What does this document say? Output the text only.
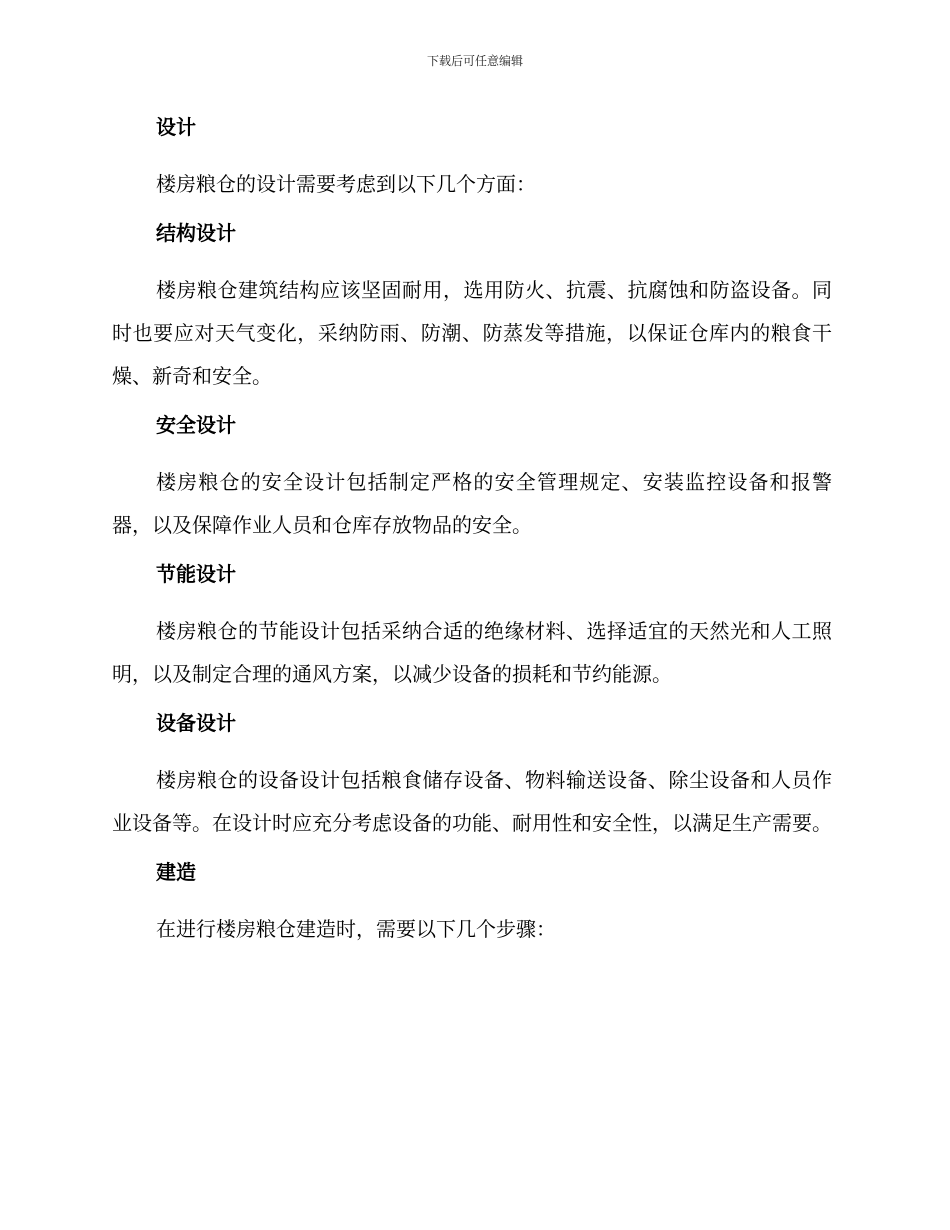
下载后可任意编辑
设计

楼房粮仓的设计需要考虑到以下几个方面：

结构设计

楼房粮仓建筑结构应该坚固耐用，选用防火、抗震、抗腐蚀和防盗设备。同时也要应对天气变化，采纳防雨、防潮、防蒸发等措施，以保证仓库内的粮食干燥、新奇和安全。

安全设计

楼房粮仓的安全设计包括制定严格的安全管理规定、安装监控设备和报警器，以及保障作业人员和仓库存放物品的安全。

节能设计

楼房粮仓的节能设计包括采纳合适的绝缘材料、选择适宜的天然光和人工照明，以及制定合理的通风方案，以减少设备的损耗和节约能源。

设备设计

楼房粮仓的设备设计包括粮食储存设备、物料输送设备、除尘设备和人员作业设备等。在设计时应充分考虑设备的功能、耐用性和安全性，以满足生产需要。

建造

在进行楼房粮仓建造时，需要以下几个步骤：
